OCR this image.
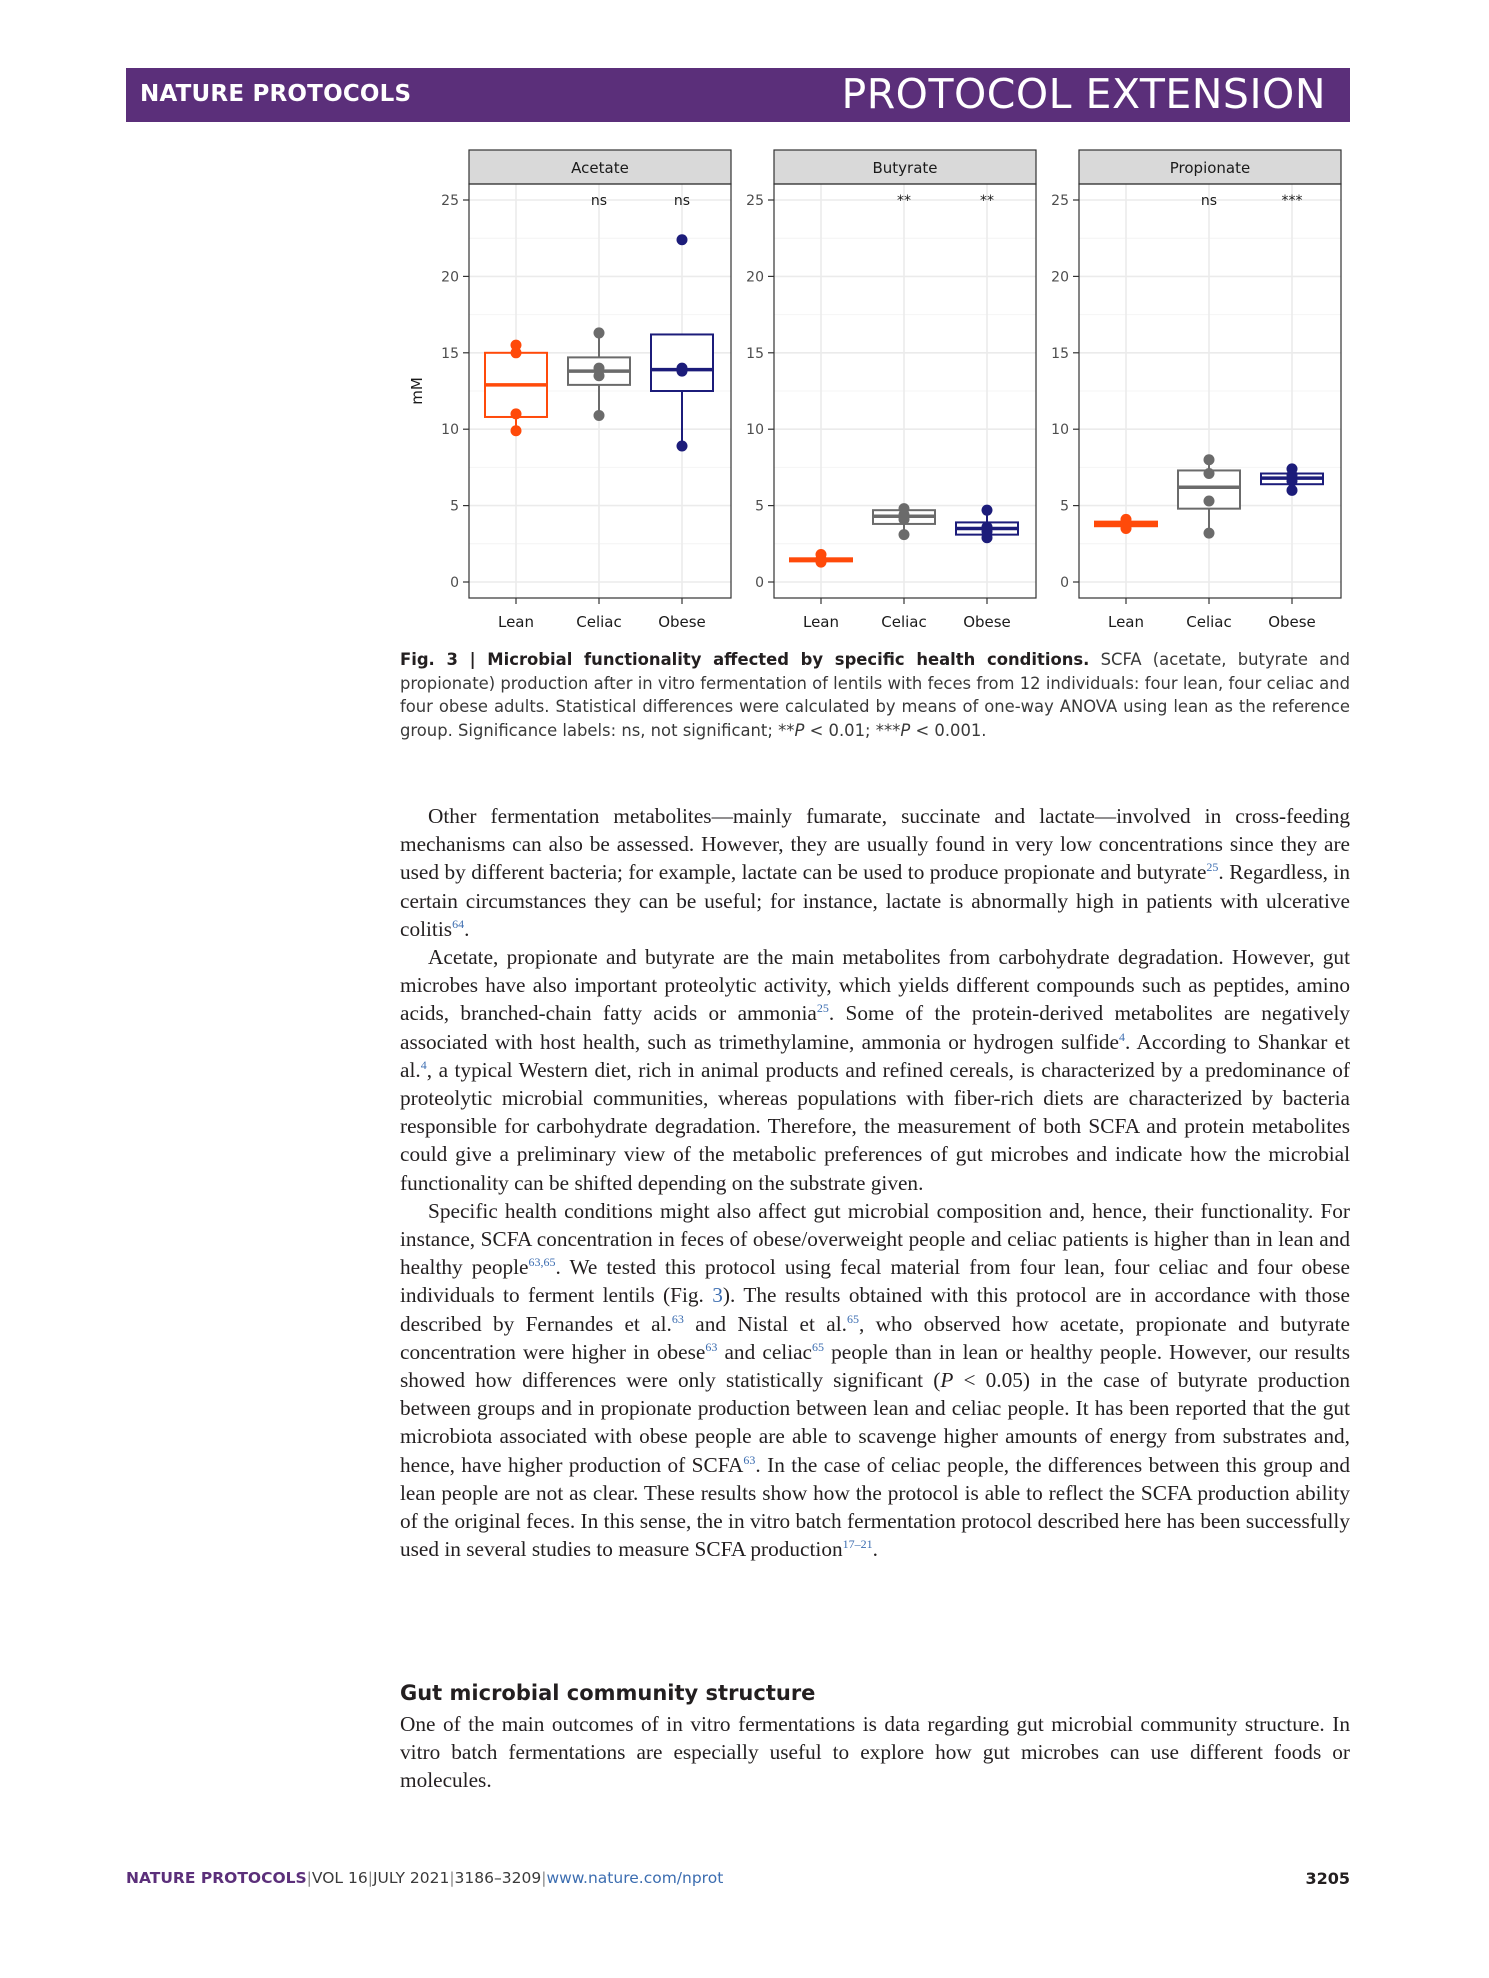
NATURE PROTOCOLS	PROTOCOL EXTENSION
0
5
10
15
20
25
Acetate
ns	ns
Lean	Celiac Obese
mM
0
5
10
15
20
25
Butyrate
**	**
Lean	Celiac Obese
0
5
10
15
20
25
Propionate
ns	***
Lean	Celiac Obese
Fig. 3 | Microbial functionality affected by specific health conditions. SCFA (acetate, butyrate and propionate) production after in vitro fermentation of lentils with feces from 12 individuals: four lean, four celiac and four obese adults. Statistical differences were calculated by means of one-way ANOVA using lean as the reference group. Significance labels: ns, not significant; **P < 0.01; ***P < 0.001.

Other fermentation metabolites—mainly fumarate, succinate and lactate—involved in cross-feeding mechanisms can also be assessed. However, they are usually found in very low concentrations since they are used by different bacteria; for example, lactate can be used to produce propionate and butyrate$^{25}$. Regardless, in certain circumstances they can be useful; for instance, lactate is abnormally high in patients with ulcerative colitis$^{64}$.

Acetate, propionate and butyrate are the main metabolites from carbohydrate degradation. However, gut microbes have also important proteolytic activity, which yields different compounds such as peptides, amino acids, branched-chain fatty acids or ammonia$^{25}$. Some of the protein-derived metabolites are negatively associated with host health, such as trimethylamine, ammonia or hydrogen sulfide$^4$. According to Shankar et al.$^4$, a typical Western diet, rich in animal products and refined cereals, is characterized by a predominance of proteolytic microbial communities, whereas populations with fiber-rich diets are characterized by bacteria responsible for carbohydrate degradation. Therefore, the measurement of both SCFA and protein metabolites could give a preliminary view of the metabolic preferences of gut microbes and indicate how the microbial functionality can be shifted depending on the substrate given.

Specific health conditions might also affect gut microbial composition and, hence, their functionality. For instance, SCFA concentration in feces of obese/overweight people and celiac patients is higher than in lean and healthy people$^{63,65}$. We tested this protocol using fecal material from four lean, four celiac and four obese individuals to ferment lentils (Fig. 3). The results obtained with this protocol are in accordance with those described by Fernandes et al.$^{63}$ and Nistal et al.$^{65}$, who observed how acetate, propionate and butyrate concentration were higher in obese$^{63}$ and celiac$^{65}$ people than in lean or healthy people. However, our results showed how differences were only statistically significant (P < 0.05) in the case of butyrate production between groups and in propionate production between lean and celiac people. It has been reported that the gut microbiota associated with obese people are able to scavenge higher amounts of energy from substrates and, hence, have higher production of SCFA$^{63}$. In the case of celiac people, the differences between this group and lean people are not as clear. These results show how the protocol is able to reflect the SCFA production ability of the original feces. In this sense, the in vitro batch fermentation protocol described here has been successfully used in several studies to measure SCFA production$^{17-21}$.

Gut microbial community structure

One of the main outcomes of in vitro fermentations is data regarding gut microbial community structure. In vitro batch fermentations are especially useful to explore how gut microbes can use different foods or molecules.

NATURE PROTOCOLS|VOL 16|JULY 2021|3186–3209|www.nature.com/nprot	3205
